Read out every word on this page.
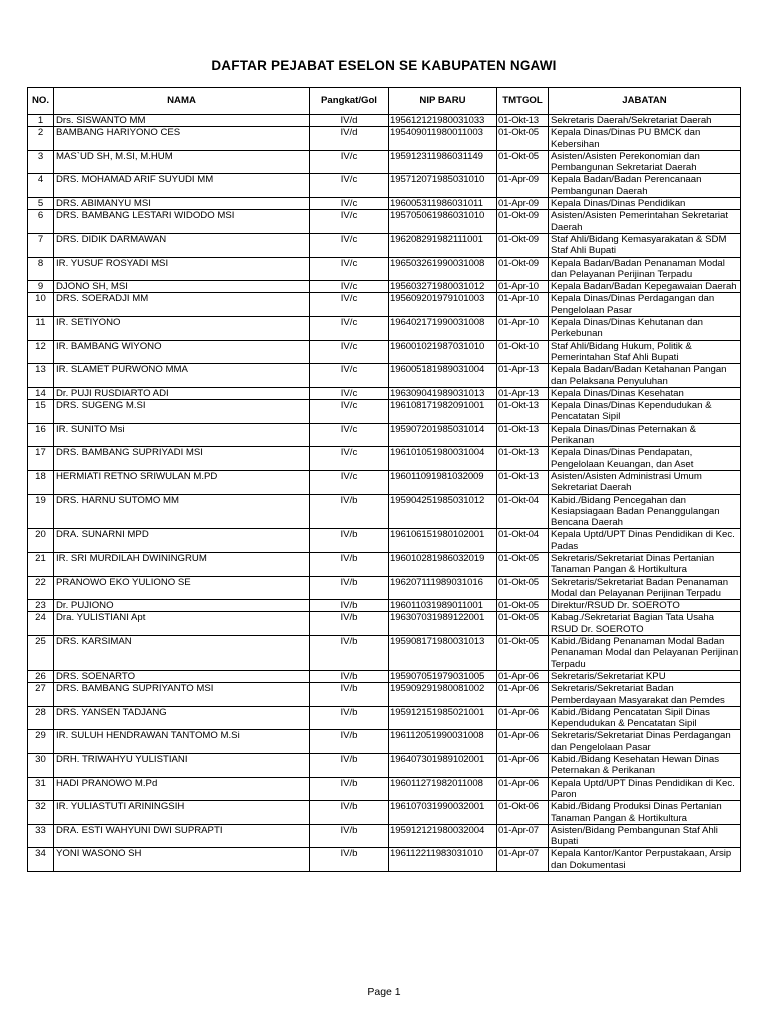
DAFTAR PEJABAT ESELON SE KABUPATEN NGAWI
NO.	NAMA	Pangkat/Gol	NIP BARU	TMTGOL	JABATAN
1	Drs. SISWANTO MM	IV/d	195612121980031033	01-Okt-13	Sekretaris Daerah/Sekretariat Daerah
2	BAMBANG HARIYONO CES	IV/d	195409011980011003	01-Okt-05	Kepala Dinas/Dinas PU BMCK dan Kebersihan
3	MAS`UD SH, M.SI, M.HUM	IV/c	195912311986031149	01-Okt-05	Asisten/Asisten Perekonomian dan Pembangunan Sekretariat Daerah
4	DRS. MOHAMAD ARIF SUYUDI MM	IV/c	195712071985031010	01-Apr-09	Kepala Badan/Badan Perencanaan Pembangunan Daerah
5	DRS. ABIMANYU MSI	IV/c	196005311986031011	01-Apr-09	Kepala Dinas/Dinas Pendidikan
6	DRS. BAMBANG LESTARI WIDODO MSI	IV/c	195705061986031010	01-Okt-09	Asisten/Asisten Pemerintahan Sekretariat Daerah
7	DRS. DIDIK DARMAWAN	IV/c	196208291982111001	01-Okt-09	Staf Ahli/Bidang Kemasyarakatan & SDM Staf Ahli Bupati
8	IR. YUSUF ROSYADI MSI	IV/c	196503261990031008	01-Okt-09	Kepala Badan/Badan Penanaman Modal dan Pelayanan Perijinan Terpadu
9	DJONO SH, MSI	IV/c	195603271980031012	01-Apr-10	Kepala Badan/Badan Kepegawaian Daerah
10	DRS. SOERADJI MM	IV/c	195609201979101003	01-Apr-10	Kepala Dinas/Dinas Perdagangan dan Pengelolaan Pasar
11	IR. SETIYONO	IV/c	196402171990031008	01-Apr-10	Kepala Dinas/Dinas Kehutanan dan Perkebunan
12	IR. BAMBANG WIYONO	IV/c	196001021987031010	01-Okt-10	Staf Ahli/Bidang Hukum, Politik & Pemerintahan Staf Ahli Bupati
13	IR. SLAMET PURWONO MMA	IV/c	196005181989031004	01-Apr-13	Kepala Badan/Badan Ketahanan Pangan dan Pelaksana Penyuluhan
14	Dr. PUJI RUSDIARTO ADI	IV/c	196309041989031013	01-Apr-13	Kepala Dinas/Dinas Kesehatan
15	DRS. SUGENG M.SI	IV/c	196108171982091001	01-Okt-13	Kepala Dinas/Dinas Kependudukan & Pencatatan Sipil
16	IR. SUNITO Msi	IV/c	195907201985031014	01-Okt-13	Kepala Dinas/Dinas Peternakan & Perikanan
17	DRS. BAMBANG SUPRIYADI MSI	IV/c	196101051980031004	01-Okt-13	Kepala Dinas/Dinas Pendapatan, Pengelolaan Keuangan, dan Aset
18	HERMIATI RETNO SRIWULAN M.PD	IV/c	196011091981032009	01-Okt-13	Asisten/Asisten Administrasi Umum Sekretariat Daerah
19	DRS. HARNU SUTOMO MM	IV/b	195904251985031012	01-Okt-04	Kabid./Bidang Pencegahan dan Kesiapsiagaan Badan Penanggulangan Bencana Daerah
20	DRA. SUNARNI MPD	IV/b	196106151980102001	01-Okt-04	Kepala Uptd/UPT Dinas Pendidikan di Kec. Padas
21	IR. SRI MURDILAH DWININGRUM	IV/b	196010281986032019	01-Okt-05	Sekretaris/Sekretariat Dinas Pertanian Tanaman Pangan & Hortikultura
22	PRANOWO EKO YULIONO SE	IV/b	196207111989031016	01-Okt-05	Sekretaris/Sekretariat Badan Penanaman Modal dan Pelayanan Perijinan Terpadu
23	Dr. PUJIONO	IV/b	196011031989011001	01-Okt-05	Direktur/RSUD Dr. SOEROTO
24	Dra. YULISTIANI Apt	IV/b	196307031989122001	01-Okt-05	Kabag./Sekretariat Bagian Tata Usaha RSUD Dr. SOEROTO
25	DRS. KARSIMAN	IV/b	195908171980031013	01-Okt-05	Kabid./Bidang Penanaman Modal Badan Penanaman Modal dan Pelayanan Perijinan Terpadu
26	DRS. SOENARTO	IV/b	195907051979031005	01-Apr-06	Sekretaris/Sekretariat KPU
27	DRS. BAMBANG SUPRIYANTO MSI	IV/b	195909291980081002	01-Apr-06	Sekretaris/Sekretariat Badan Pemberdayaan Masyarakat dan Pemdes
28	DRS. YANSEN TADJANG	IV/b	195912151985021001	01-Apr-06	Kabid./Bidang Pencatatan Sipil Dinas Kependudukan & Pencatatan Sipil
29	IR. SULUH HENDRAWAN TANTOMO M.Si	IV/b	196112051990031008	01-Apr-06	Sekretaris/Sekretariat Dinas Perdagangan dan Pengelolaan Pasar
30	DRH. TRIWAHYU YULISTIANI	IV/b	196407301989102001	01-Apr-06	Kabid./Bidang Kesehatan Hewan Dinas Peternakan & Perikanan
31	HADI PRANOWO M.Pd	IV/b	196011271982011008	01-Apr-06	Kepala Uptd/UPT Dinas Pendidikan di Kec. Paron
32	IR. YULIASTUTI ARININGSIH	IV/b	196107031990032001	01-Okt-06	Kabid./Bidang Produksi Dinas Pertanian Tanaman Pangan & Hortikultura
33	DRA. ESTI WAHYUNI DWI SUPRAPTI	IV/b	195912121980032004	01-Apr-07	Asisten/Bidang Pembangunan Staf Ahli Bupati
34	YONI WASONO SH	IV/b	196112211983031010	01-Apr-07	Kepala Kantor/Kantor Perpustakaan, Arsip dan Dokumentasi
Page 1
